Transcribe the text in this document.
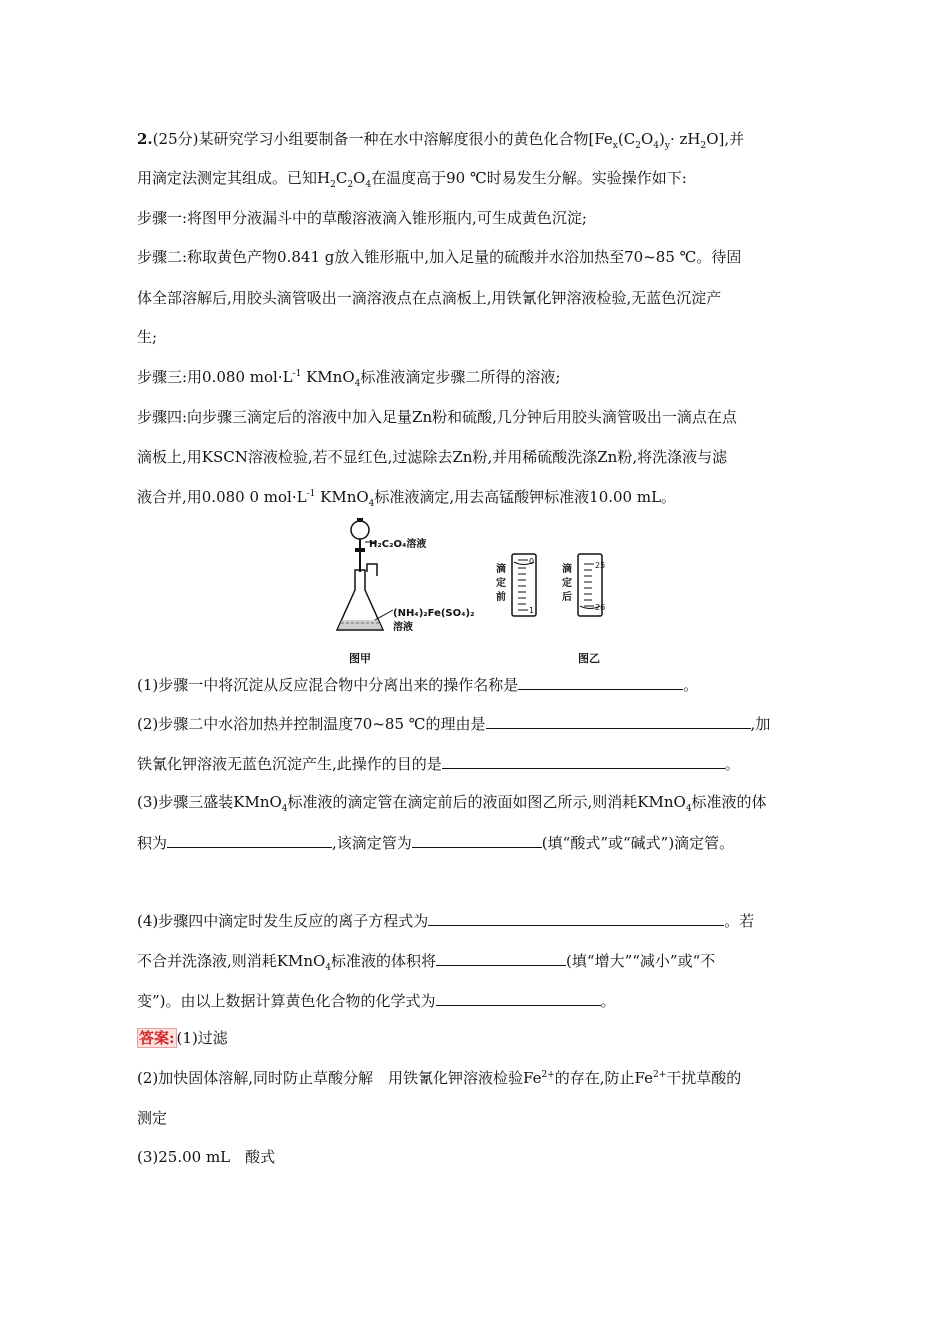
2.(25分)某研究学习小组要制备一种在水中溶解度很小的黄色化合物$[Fe_x(C_2O_4)_y\cdot zH_2O]$,并
用滴定法测定其组成。已知$H_2C_2O_4$在温度高于90 ℃时易发生分解。实验操作如下:
步骤一:将图甲分液漏斗中的草酸溶液滴入锥形瓶内,可生成黄色沉淀;
步骤二:称取黄色产物0.841 g放入锥形瓶中,加入足量的硫酸并水浴加热至70~85 ℃。待固
体全部溶解后,用胶头滴管吸出一滴溶液点在点滴板上,用铁氰化钾溶液检验,无蓝色沉淀产
生;
步骤三:用0.080 $mol\cdot L^{-1}$ KMnO$_4$标准液滴定步骤二所得的溶液;
步骤四:向步骤三滴定后的溶液中加入足量Zn粉和硫酸,几分钟后用胶头滴管吸出一滴点在点
滴板上,用KSCN溶液检验,若不显红色,过滤除去Zn粉,并用稀硫酸洗涤Zn粉,将洗涤液与滤
液合并,用0.080 0 $mol\cdot L^{-1}$ KMnO$_4$标准液滴定,用去高锰酸钾标准液10.00 mL。
H₂C₂O₄溶液
(NH₄)₂Fe(SO₄)₂
溶液
图甲
滴
定
前
0
1
滴
定
后
25
26
图乙
(1)步骤一中将沉淀从反应混合物中分离出来的操作名称是	。
(2)步骤二中水浴加热并控制温度70~85 ℃的理由是	,加
铁氰化钾溶液无蓝色沉淀产生,此操作的目的是	。
(3)步骤三盛装KMnO$_4$标准液的滴定管在滴定前后的液面如图乙所示,则消耗KMnO$_4$标准液的体
积为	,该滴定管为	(填“酸式”或“碱式”)滴定管。
(4)步骤四中滴定时发生反应的离子方程式为	。若
不合并洗涤液,则消耗KMnO$_4$标准液的体积将	(填“增大”“减小”或“不
变”)。由以上数据计算黄色化合物的化学式为	。
答案: (1)过滤
(2)加快固体溶解,同时防止草酸分解　用铁氰化钾溶液检验$Fe^{2+}$的存在,防止$Fe^{2+}$干扰草酸的
测定
(3)25.00 mL　酸式
